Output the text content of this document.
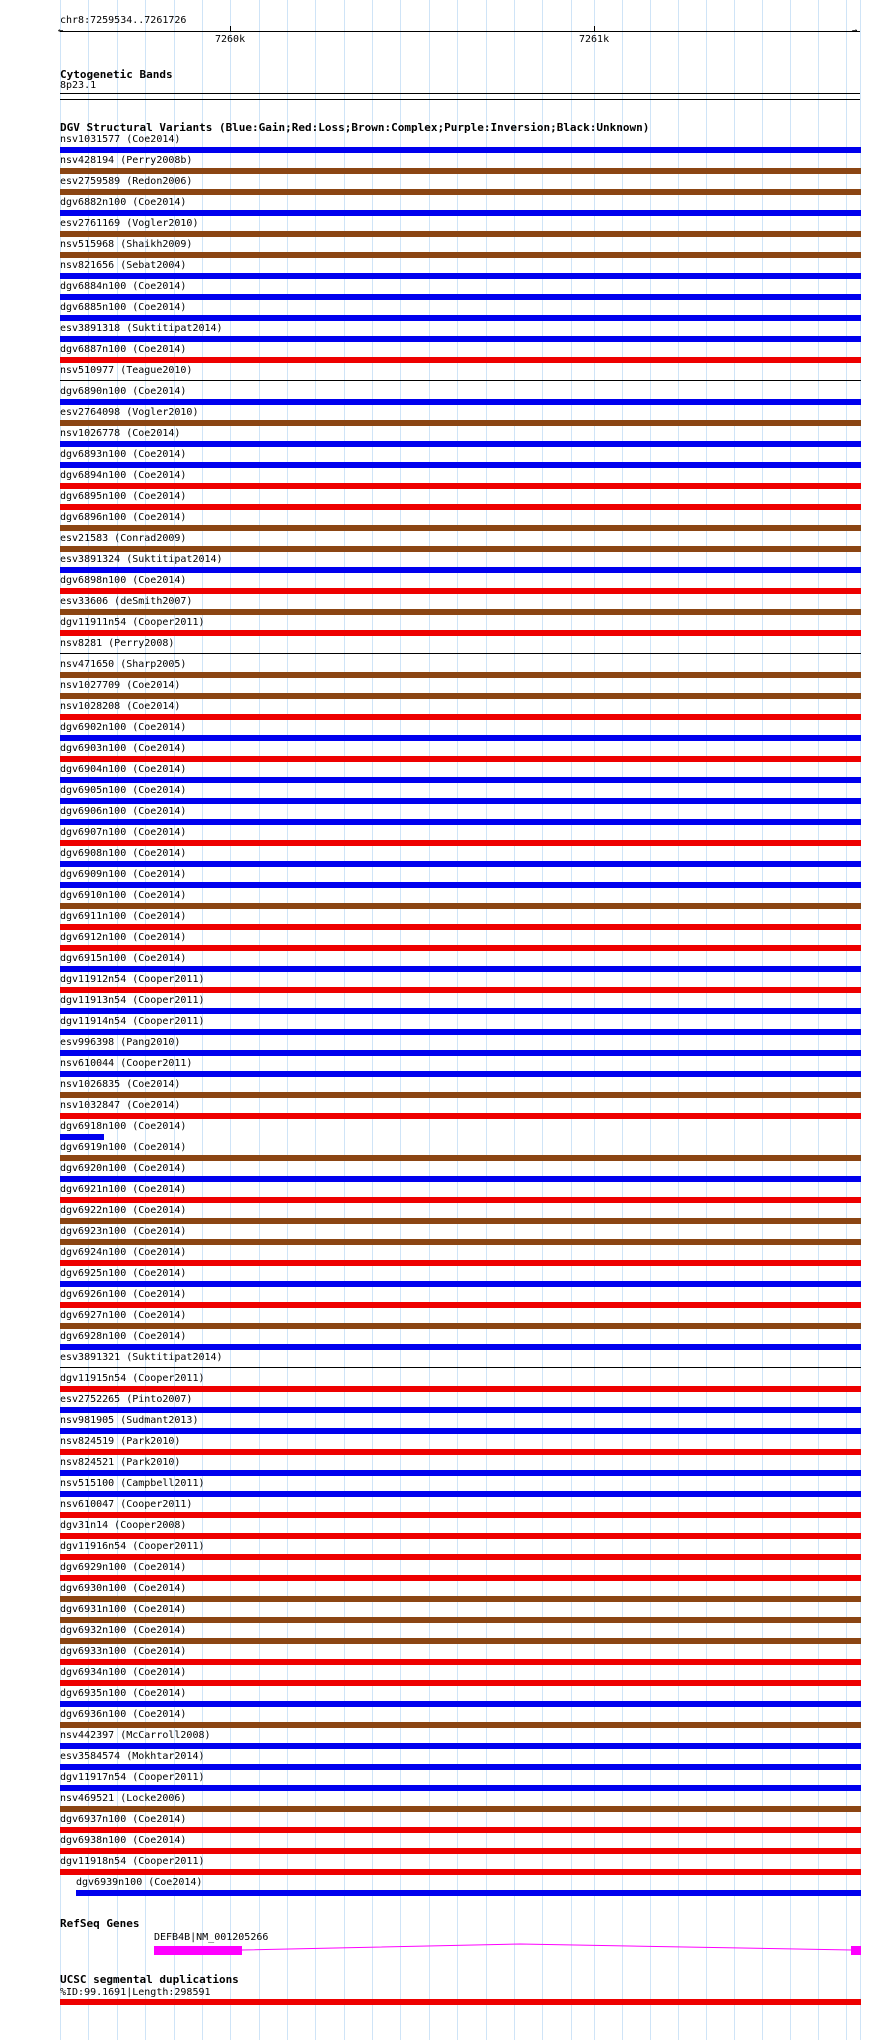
chr8:7259534..7261726
←	→
7260k	7261k
Cytogenetic Bands
8p23.1
DGV Structural Variants (Blue:Gain;Red:Loss;Brown:Complex;Purple:Inversion;Black:Unknown)
nsv1031577 (Coe2014)
nsv428194 (Perry2008b)
esv2759589 (Redon2006)
dgv6882n100 (Coe2014)
esv2761169 (Vogler2010)
nsv515968 (Shaikh2009)
nsv821656 (Sebat2004)
dgv6884n100 (Coe2014)
dgv6885n100 (Coe2014)
esv3891318 (Suktitipat2014)
dgv6887n100 (Coe2014)
nsv510977 (Teague2010)
dgv6890n100 (Coe2014)
esv2764098 (Vogler2010)
nsv1026778 (Coe2014)
dgv6893n100 (Coe2014)
dgv6894n100 (Coe2014)
dgv6895n100 (Coe2014)
dgv6896n100 (Coe2014)
esv21583 (Conrad2009)
esv3891324 (Suktitipat2014)
dgv6898n100 (Coe2014)
esv33606 (deSmith2007)
dgv11911n54 (Cooper2011)
nsv8281 (Perry2008)
nsv471650 (Sharp2005)
nsv1027709 (Coe2014)
nsv1028208 (Coe2014)
dgv6902n100 (Coe2014)
dgv6903n100 (Coe2014)
dgv6904n100 (Coe2014)
dgv6905n100 (Coe2014)
dgv6906n100 (Coe2014)
dgv6907n100 (Coe2014)
dgv6908n100 (Coe2014)
dgv6909n100 (Coe2014)
dgv6910n100 (Coe2014)
dgv6911n100 (Coe2014)
dgv6912n100 (Coe2014)
dgv6915n100 (Coe2014)
dgv11912n54 (Cooper2011)
dgv11913n54 (Cooper2011)
dgv11914n54 (Cooper2011)
esv996398 (Pang2010)
nsv610044 (Cooper2011)
nsv1026835 (Coe2014)
nsv1032847 (Coe2014)
dgv6918n100 (Coe2014)
dgv6919n100 (Coe2014)
dgv6920n100 (Coe2014)
dgv6921n100 (Coe2014)
dgv6922n100 (Coe2014)
dgv6923n100 (Coe2014)
dgv6924n100 (Coe2014)
dgv6925n100 (Coe2014)
dgv6926n100 (Coe2014)
dgv6927n100 (Coe2014)
dgv6928n100 (Coe2014)
esv3891321 (Suktitipat2014)
dgv11915n54 (Cooper2011)
esv2752265 (Pinto2007)
nsv981905 (Sudmant2013)
nsv824519 (Park2010)
nsv824521 (Park2010)
nsv515100 (Campbell2011)
nsv610047 (Cooper2011)
dgv31n14 (Cooper2008)
dgv11916n54 (Cooper2011)
dgv6929n100 (Coe2014)
dgv6930n100 (Coe2014)
dgv6931n100 (Coe2014)
dgv6932n100 (Coe2014)
dgv6933n100 (Coe2014)
dgv6934n100 (Coe2014)
dgv6935n100 (Coe2014)
dgv6936n100 (Coe2014)
nsv442397 (McCarroll2008)
esv3584574 (Mokhtar2014)
dgv11917n54 (Cooper2011)
nsv469521 (Locke2006)
dgv6937n100 (Coe2014)
dgv6938n100 (Coe2014)
dgv11918n54 (Cooper2011)
dgv6939n100 (Coe2014)
RefSeq Genes
DEFB4B|NM_001205266
UCSC segmental duplications
%ID:99.1691|Length:298591
